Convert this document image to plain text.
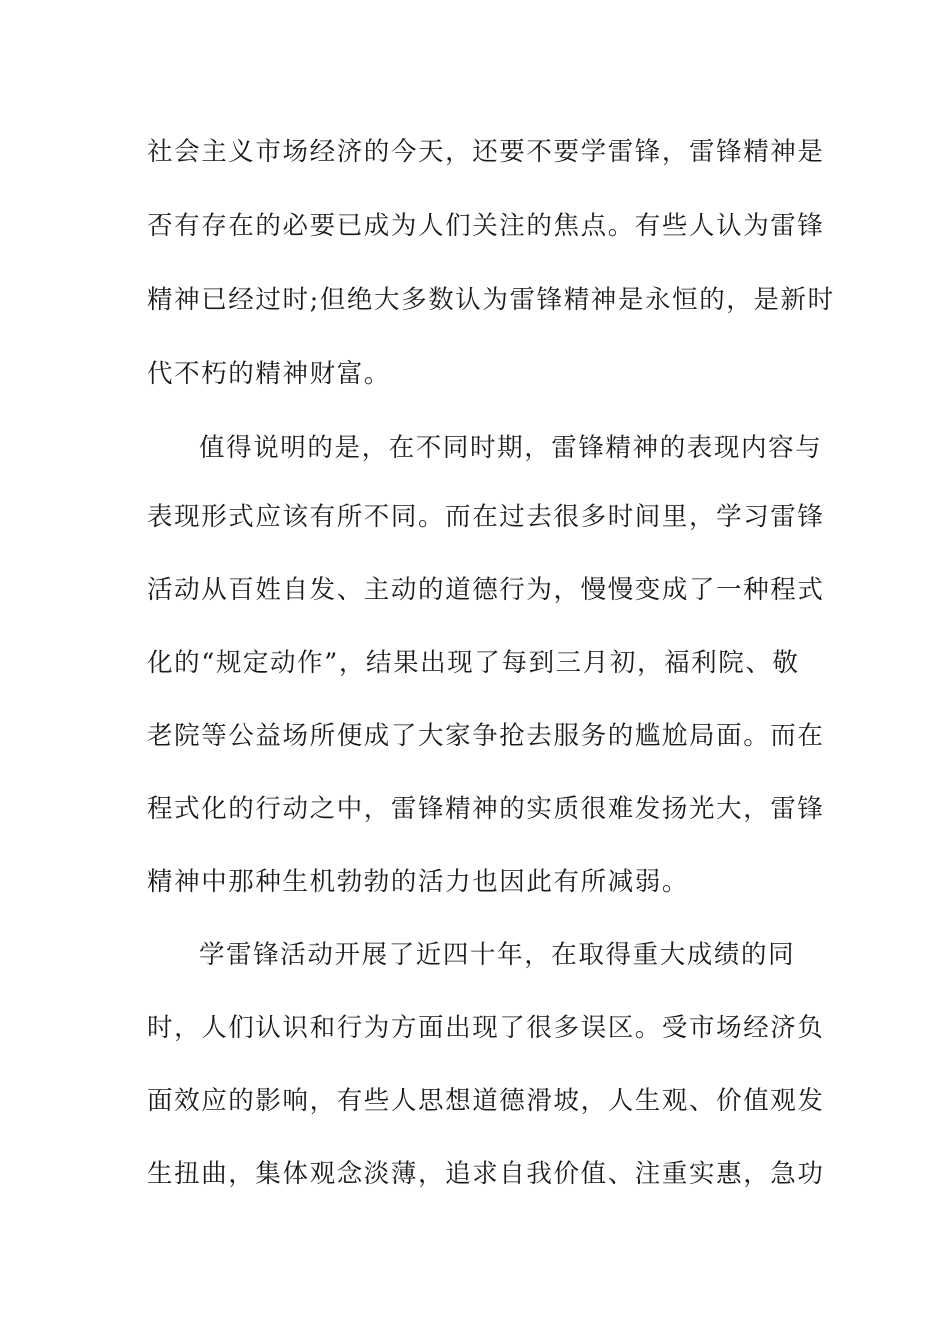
社会主义市场经济的今天，还要不要学雷锋，雷锋精神是
否有存在的必要已成为人们关注的焦点。有些人认为雷锋
精神已经过时;但绝大多数认为雷锋精神是永恒的，是新时
代不朽的精神财富。
值得说明的是，在不同时期，雷锋精神的表现内容与
表现形式应该有所不同。而在过去很多时间里，学习雷锋
活动从百姓自发、主动的道德行为，慢慢变成了一种程式
化的“规定动作”，结果出现了每到三月初，福利院、敬
老院等公益场所便成了大家争抢去服务的尴尬局面。而在
程式化的行动之中，雷锋精神的实质很难发扬光大，雷锋
精神中那种生机勃勃的活力也因此有所减弱。
学雷锋活动开展了近四十年，在取得重大成绩的同
时，人们认识和行为方面出现了很多误区。受市场经济负
面效应的影响，有些人思想道德滑坡，人生观、价值观发
生扭曲，集体观念淡薄，追求自我价值、注重实惠，急功
